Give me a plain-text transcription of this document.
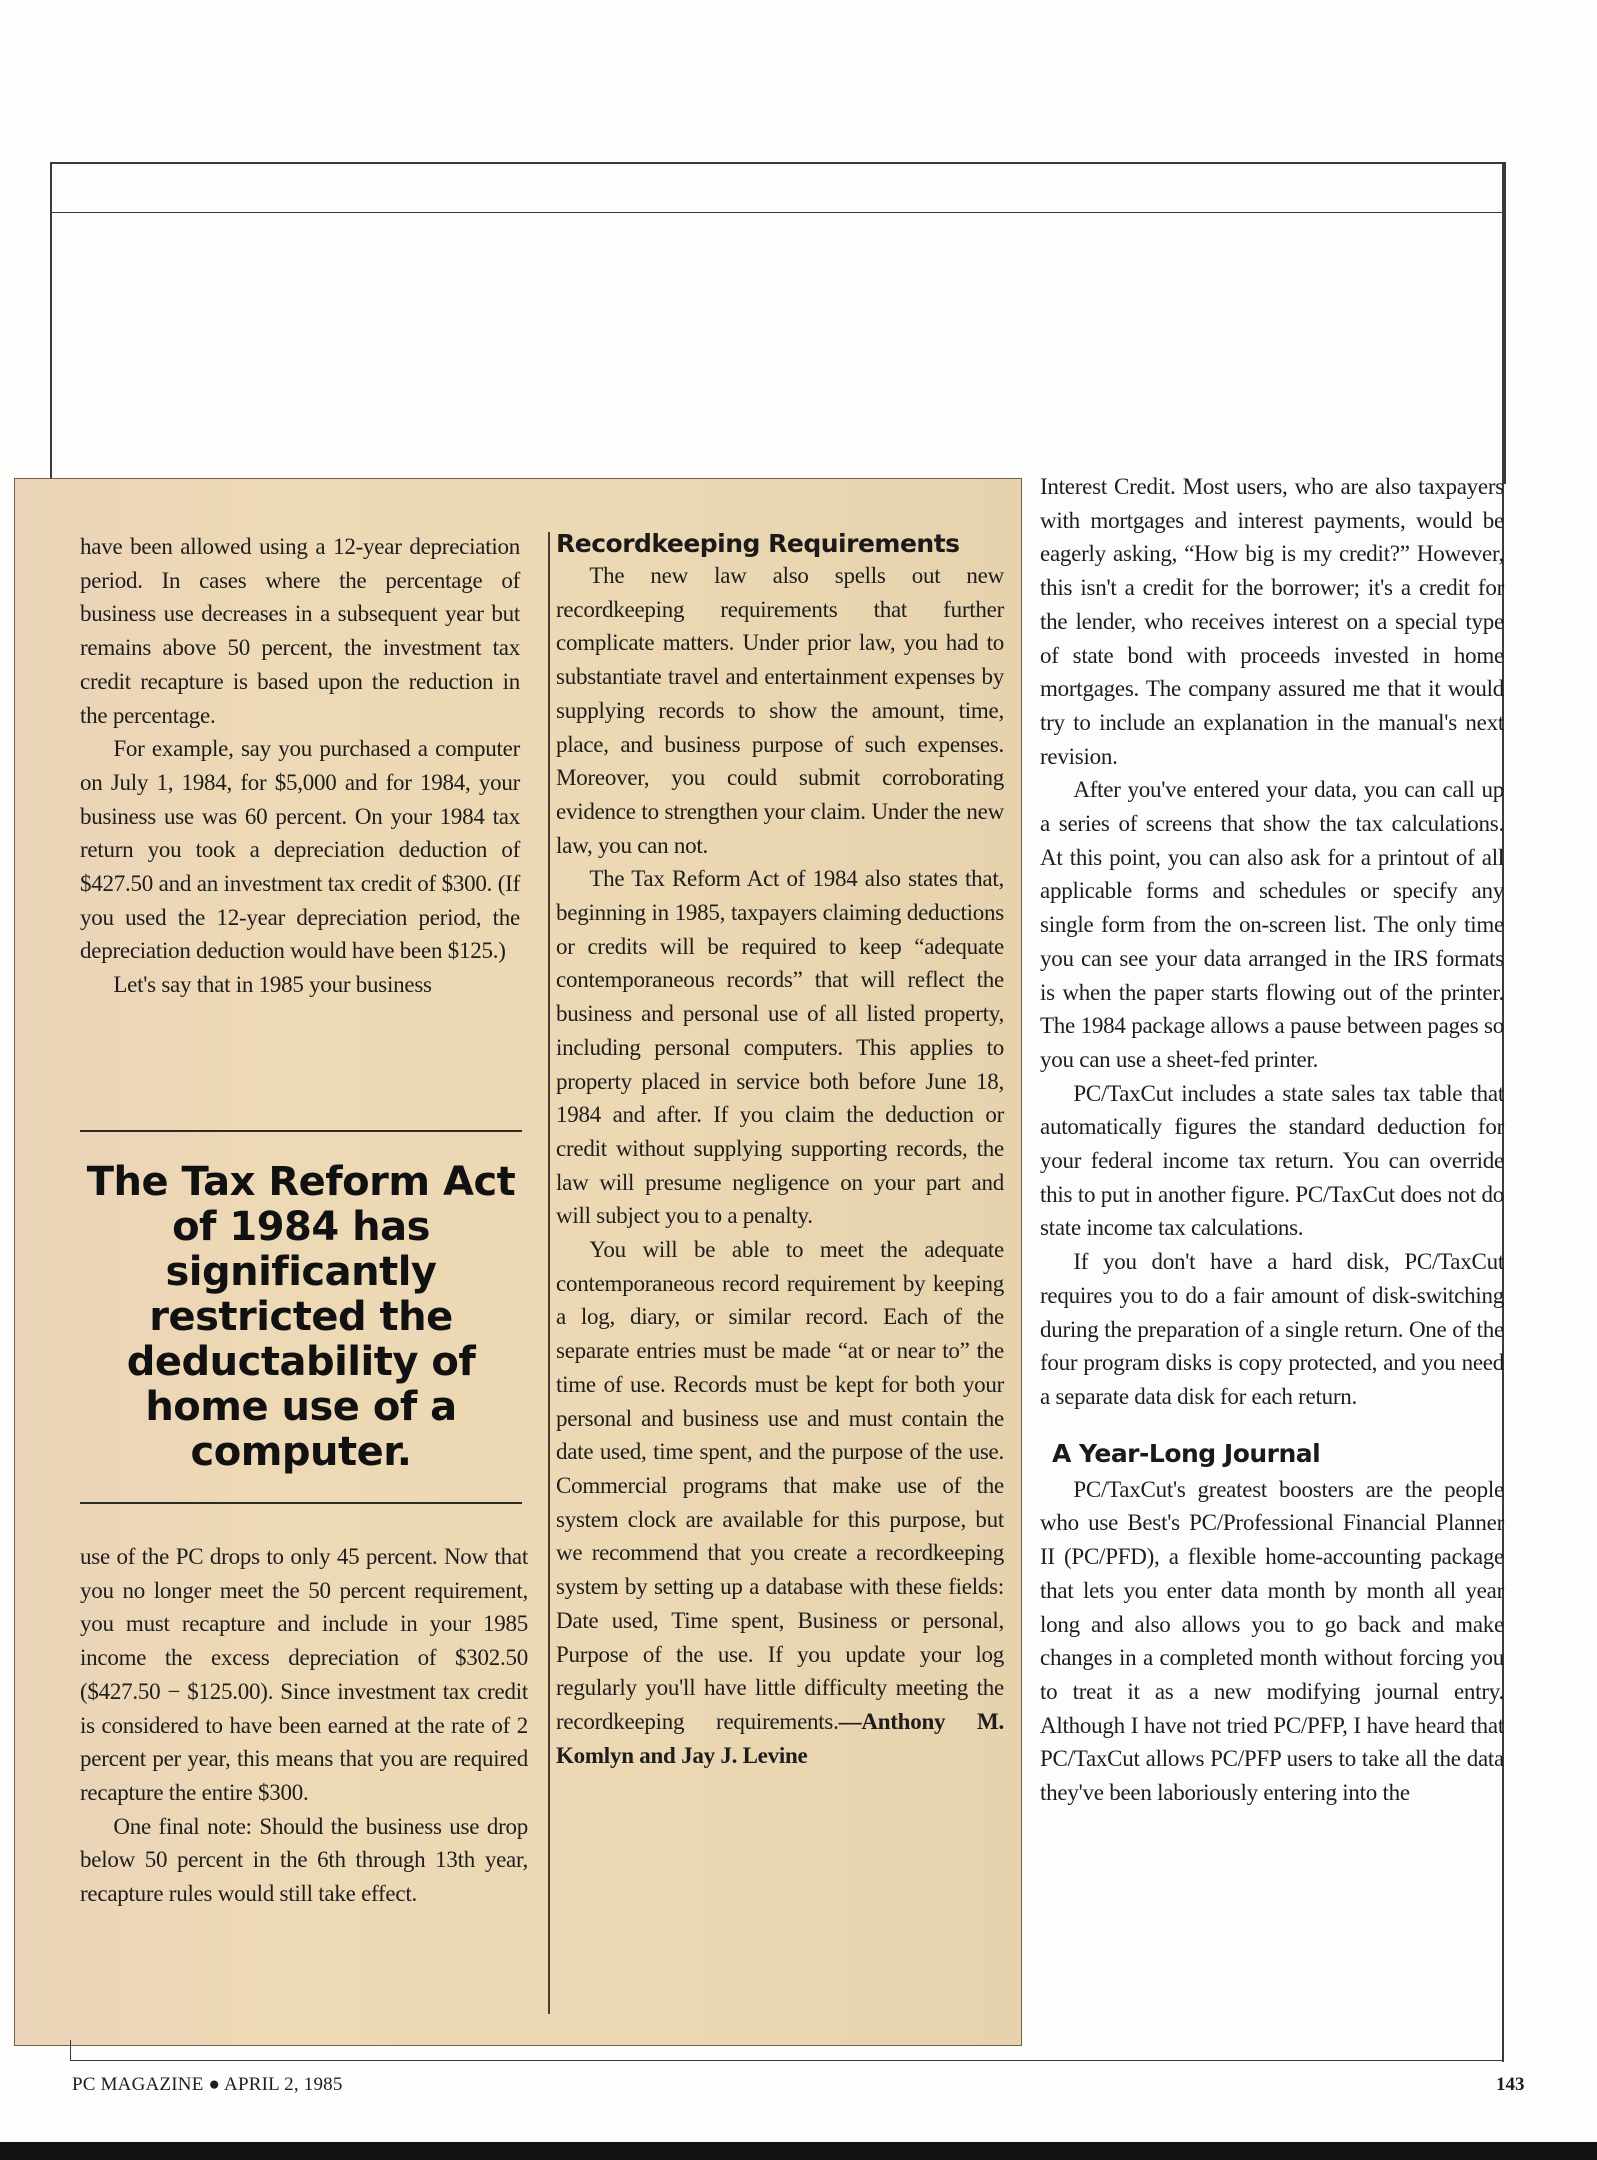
have been allowed using a 12-year depreciation period. In cases where the percentage of business use decreases in a subsequent year but remains above 50 percent, the investment tax credit recapture is based upon the reduction in the percentage.

For example, say you purchased a computer on July 1, 1984, for $5,000 and for 1984, your business use was 60 percent. On your 1984 tax return you took a depreciation deduction of $427.50 and an investment tax credit of $300. (If you used the 12-year depreciation period, the depreciation deduction would have been $125.)

Let's say that in 1985 your business

The Tax Reform Act of 1984 has significantly restricted the deductability of home use of a computer.

use of the PC drops to only 45 percent. Now that you no longer meet the 50 percent requirement, you must recapture and include in your 1985 income the excess depreciation of $302.50 ($427.50 − $125.00). Since investment tax credit is considered to have been earned at the rate of 2 percent per year, this means that you are required recapture the entire $300.

One final note: Should the business use drop below 50 percent in the 6th through 13th year, recapture rules would still take effect.

Recordkeeping Requirements

The new law also spells out new recordkeeping requirements that further complicate matters. Under prior law, you had to substantiate travel and entertainment expenses by supplying records to show the amount, time, place, and business purpose of such expenses. Moreover, you could submit corroborating evidence to strengthen your claim. Under the new law, you can not.

The Tax Reform Act of 1984 also states that, beginning in 1985, taxpayers claiming deductions or credits will be required to keep “adequate contemporaneous records” that will reflect the business and personal use of all listed property, including personal computers. This applies to property placed in service both before June 18, 1984 and after. If you claim the deduction or credit without supplying supporting records, the law will presume negligence on your part and will subject you to a penalty.

You will be able to meet the adequate contemporaneous record requirement by keeping a log, diary, or similar record. Each of the separate entries must be made “at or near to” the time of use. Records must be kept for both your personal and business use and must contain the date used, time spent, and the purpose of the use. Commercial programs that make use of the system clock are available for this purpose, but we recommend that you create a recordkeeping system by setting up a database with these fields: Date used, Time spent, Business or personal, Purpose of the use. If you update your log regularly you'll have little difficulty meeting the recordkeeping requirements.—Anthony M. Komlyn and Jay J. Levine

Interest Credit. Most users, who are also taxpayers with mortgages and interest payments, would be eagerly asking, “How big is my credit?” However, this isn't a credit for the borrower; it's a credit for the lender, who receives interest on a special type of state bond with proceeds invested in home mortgages. The company assured me that it would try to include an explanation in the manual's next revision.

After you've entered your data, you can call up a series of screens that show the tax calculations. At this point, you can also ask for a printout of all applicable forms and schedules or specify any single form from the on-screen list. The only time you can see your data arranged in the IRS formats is when the paper starts flowing out of the printer. The 1984 package allows a pause between pages so you can use a sheet-fed printer.

PC/TaxCut includes a state sales tax table that automatically figures the standard deduction for your federal income tax return. You can override this to put in another figure. PC/TaxCut does not do state income tax calculations.

If you don't have a hard disk, PC/TaxCut requires you to do a fair amount of disk-switching during the preparation of a single return. One of the four program disks is copy protected, and you need a separate data disk for each return.

A Year-Long Journal

PC/TaxCut's greatest boosters are the people who use Best's PC/Professional Financial Planner II (PC/PFD), a flexible home-accounting package that lets you enter data month by month all year long and also allows you to go back and make changes in a completed month without forcing you to treat it as a new modifying journal entry. Although I have not tried PC/PFP, I have heard that PC/TaxCut allows PC/PFP users to take all the data they've been laboriously entering into the

PC MAGAZINE ● APRIL 2, 1985	143
